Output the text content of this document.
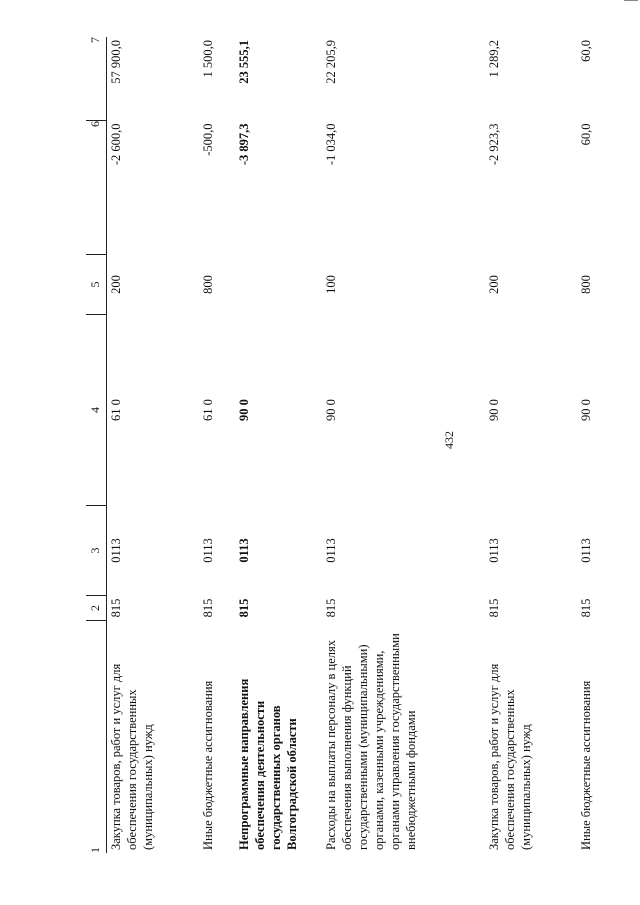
432
1	2	3	4	5	6	7
Закупка товаров, работ и услуг для обеспечения государственных (муниципальных) нужд	815	0113	61 0	200	-2 600,0	57 900,0
Иные бюджетные ассигнования	815	0113	61 0	800	-500,0	1 500,0
Непрограммные направления обеспечения деятельности государственных органов Волгоградской области	815	0113	90 0		-3 897,3	23 555,1
Расходы на выплаты персоналу в целях обеспечения выполнения функций государственными (муниципальными) органами, казенными учреждениями, органами управления государственными внебюджетными фондами	815	0113	90 0	100	-1 034,0	22 205,9
Закупка товаров, работ и услуг для обеспечения государственных (муниципальных) нужд	815	0113	90 0	200	-2 923,3	1 289,2
Иные бюджетные ассигнования	815	0113	90 0	800	60,0	60,0
